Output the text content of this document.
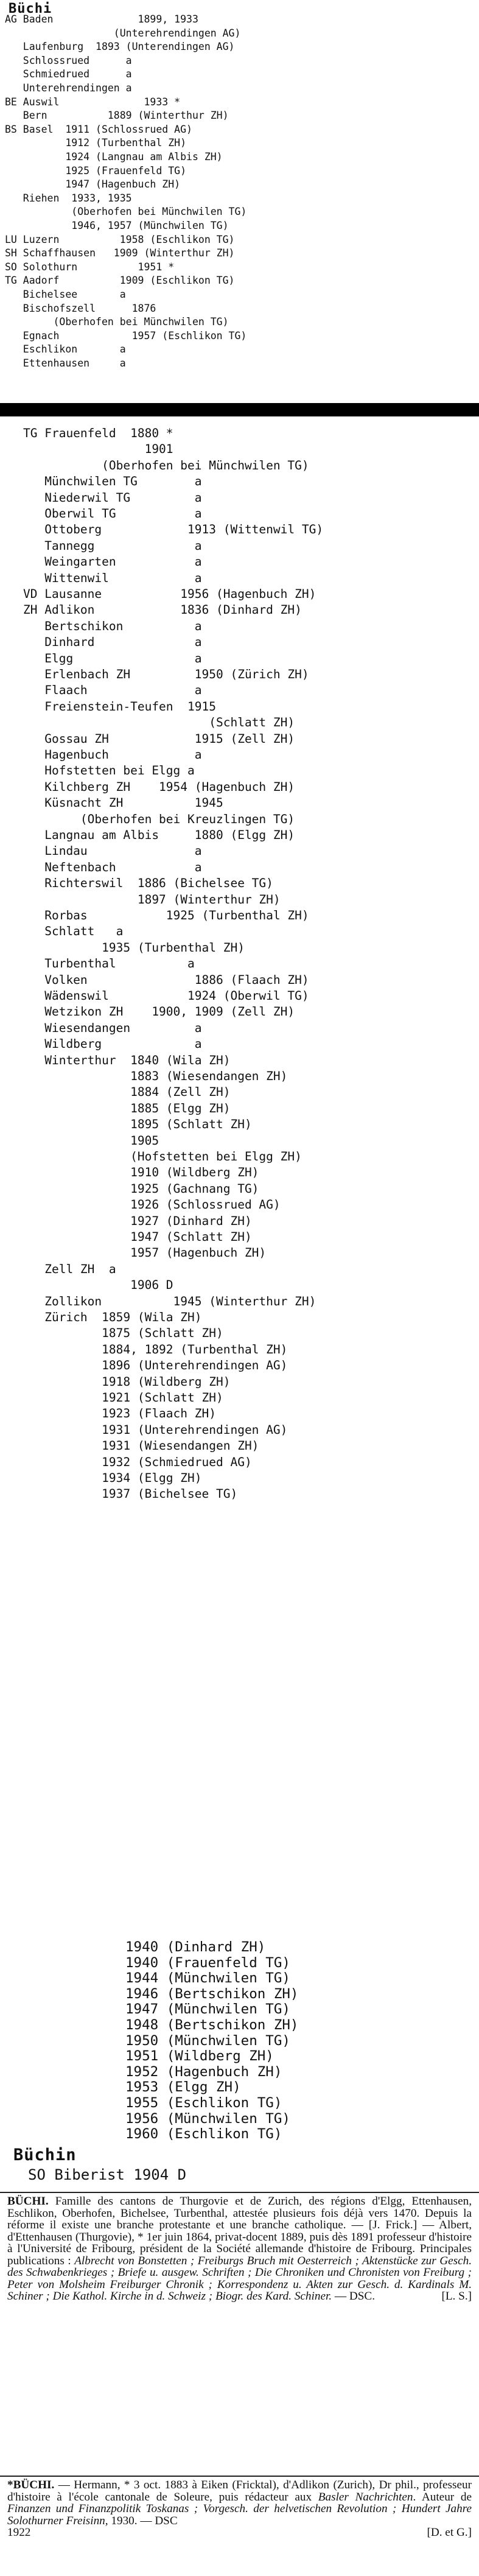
Büchi

AG Baden              1899, 1933
(Unterehrendingen AG)
Laufenburg  1893 (Unterendingen AG)
Schlossrued      a
Schmiedrued      a
Unterehrendingen a
BE Auswil              1933 *
Bern          1889 (Winterthur ZH)
BS Basel  1911 (Schlossrued AG)
1912 (Turbenthal ZH)
1924 (Langnau am Albis ZH)
1925 (Frauenfeld TG)
1947 (Hagenbuch ZH)
Riehen  1933, 1935
(Oberhofen bei Münchwilen TG)
1946, 1957 (Münchwilen TG)
LU Luzern          1958 (Eschlikon TG)
SH Schaffhausen   1909 (Winterthur ZH)
SO Solothurn          1951 *
TG Aadorf          1909 (Eschlikon TG)
Bichelsee       a
Bischofszell      1876
(Oberhofen bei Münchwilen TG)
Egnach            1957 (Eschlikon TG)
Eschlikon       a
Ettenhausen     a

TG Frauenfeld  1880 *
1901
(Oberhofen bei Münchwilen TG)
Münchwilen TG        a
Niederwil TG         a
Oberwil TG           a
Ottoberg            1913 (Wittenwil TG)
Tannegg              a
Weingarten           a
Wittenwil            a
VD Lausanne           1956 (Hagenbuch ZH)
ZH Adlikon            1836 (Dinhard ZH)
Bertschikon          a
Dinhard              a
Elgg                 a
Erlenbach ZH         1950 (Zürich ZH)
Flaach               a
Freienstein-Teufen  1915
(Schlatt ZH)
Gossau ZH            1915 (Zell ZH)
Hagenbuch            a
Hofstetten bei Elgg a
Kilchberg ZH    1954 (Hagenbuch ZH)
Küsnacht ZH          1945
(Oberhofen bei Kreuzlingen TG)
Langnau am Albis     1880 (Elgg ZH)
Lindau               a
Neftenbach           a
Richterswil  1886 (Bichelsee TG)
1897 (Winterthur ZH)
Rorbas           1925 (Turbenthal ZH)
Schlatt   a
1935 (Turbenthal ZH)
Turbenthal          a
Volken               1886 (Flaach ZH)
Wädenswil           1924 (Oberwil TG)
Wetzikon ZH    1900, 1909 (Zell ZH)
Wiesendangen         a
Wildberg             a
Winterthur  1840 (Wila ZH)
1883 (Wiesendangen ZH)
1884 (Zell ZH)
1885 (Elgg ZH)
1895 (Schlatt ZH)
1905
(Hofstetten bei Elgg ZH)
1910 (Wildberg ZH)
1925 (Gachnang TG)
1926 (Schlossrued AG)
1927 (Dinhard ZH)
1947 (Schlatt ZH)
1957 (Hagenbuch ZH)
Zell ZH  a
1906 D
Zollikon          1945 (Winterthur ZH)
Zürich  1859 (Wila ZH)
1875 (Schlatt ZH)
1884, 1892 (Turbenthal ZH)
1896 (Unterehrendingen AG)
1918 (Wildberg ZH)
1921 (Schlatt ZH)
1923 (Flaach ZH)
1931 (Unterehrendingen AG)
1931 (Wiesendangen ZH)
1932 (Schmiedrued AG)
1934 (Elgg ZH)
1937 (Bichelsee TG)

1940 (Dinhard ZH)
1940 (Frauenfeld TG)
1944 (Münchwilen TG)
1946 (Bertschikon ZH)
1947 (Münchwilen TG)
1948 (Bertschikon ZH)
1950 (Münchwilen TG)
1951 (Wildberg ZH)
1952 (Hagenbuch ZH)
1953 (Elgg ZH)
1955 (Eschlikon TG)
1956 (Münchwilen TG)
1960 (Eschlikon TG)

Büchin

SO Biberist 1904 D

BÜCHI. Famille des cantons de Thurgovie et de Zurich, des régions d'Elgg, Ettenhausen, Eschlikon, Oberhofen, Bichelsee, Turbenthal, attestée plusieurs fois déjà vers 1470. Depuis la réforme il existe une branche protestante et une branche catholique. — [J. Frick.] — Albert, d'Ettenhausen (Thurgovie), * 1er juin 1864, privat-docent 1889, puis dès 1891 professeur d'histoire à l'Université de Fribourg, président de la Société allemande d'histoire de Fribourg. Principales publications : Albrecht von Bonstetten ; Freiburgs Bruch mit Oesterreich ; Aktenstücke zur Gesch. des Schwabenkrieges ; Briefe u. ausgew. Schriften ; Die Chroniken und Chronisten von Freiburg ; Peter von Molsheim Freiburger Chronik ; Korrespondenz u. Akten zur Gesch. d. Kardinals M. Schiner ; Die Kathol. Kirche in d. Schweiz ; Biogr. des Kard. Schiner. — DSC.	[L. S.]
*BÜCHI. — Hermann, * 3 oct. 1883 à Eiken (Fricktal), d'Adlikon (Zurich), Dr phil., professeur d'histoire à l'école cantonale de Soleure, puis rédacteur aux Basler Nachrichten. Auteur de Finanzen und Finanzpolitik Toskanas ; Vorgesch. der helvetischen Revolution ; Hundert Jahre Solothurner Freisinn, 1930. — DSC
1922	[D. et G.]
